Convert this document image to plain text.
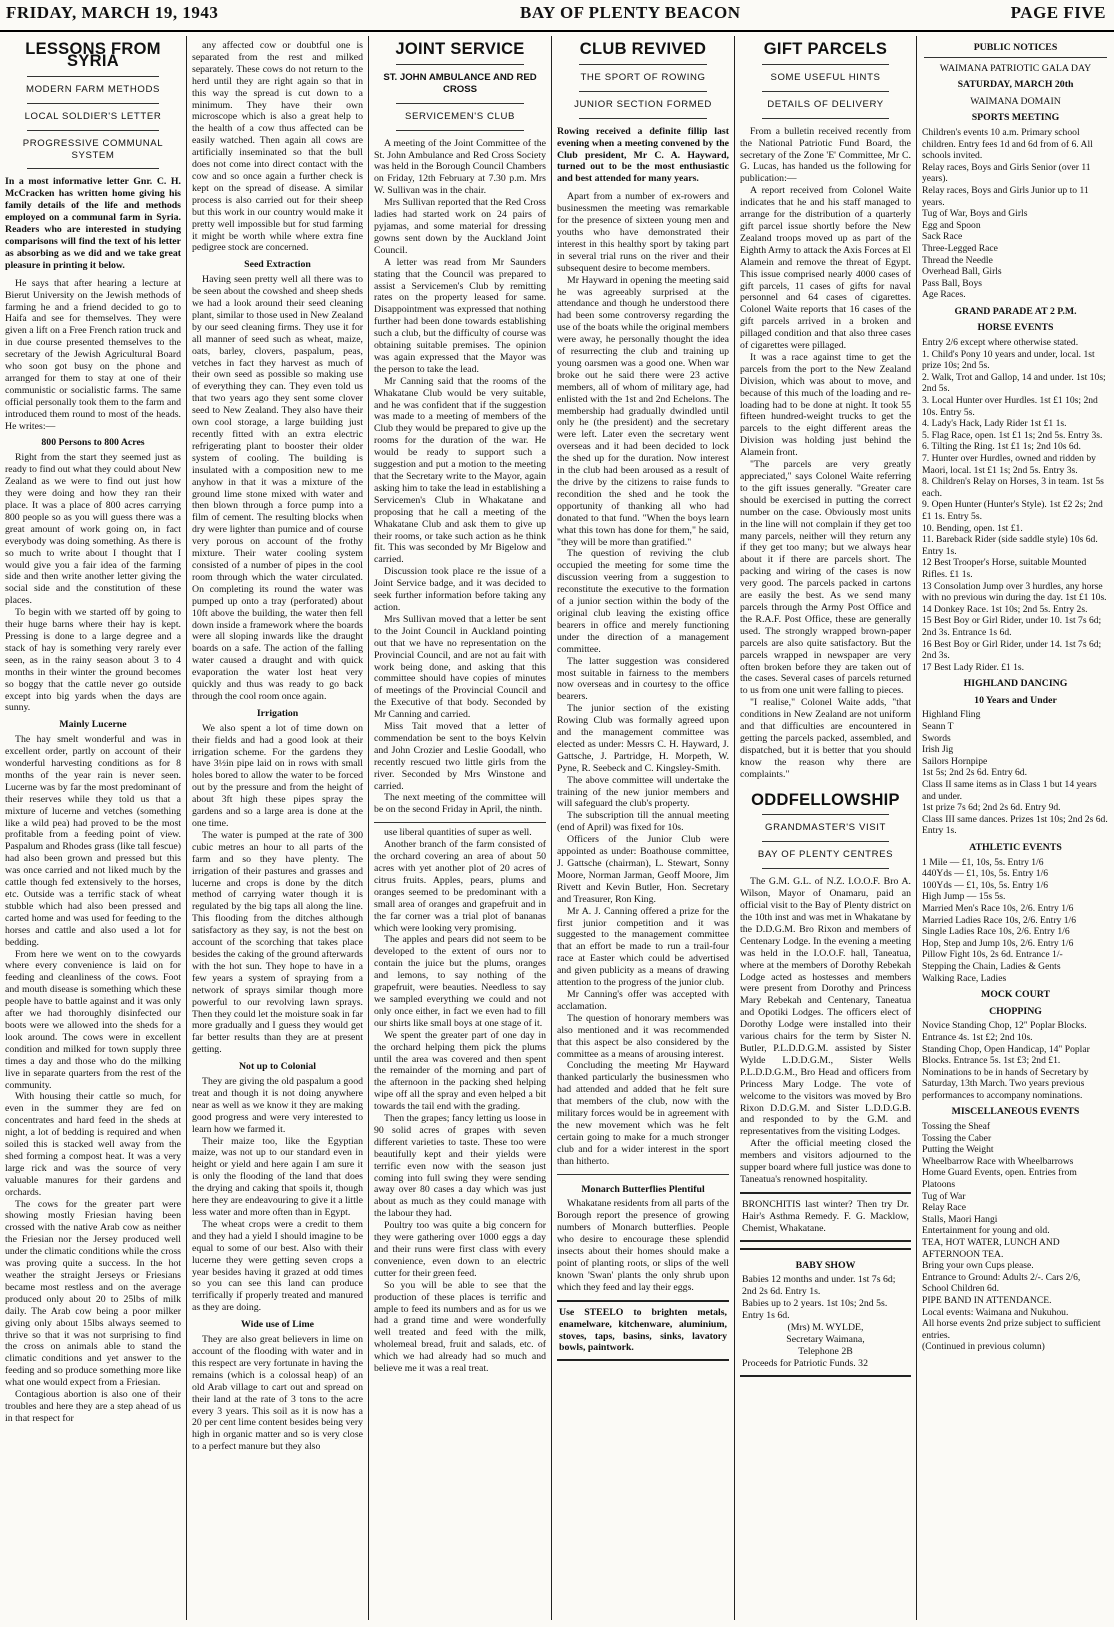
FRIDAY, MARCH 19, 1943	BAY OF PLENTY BEACON	PAGE FIVE
LESSONS FROM SYRIA
MODERN FARM METHODS
LOCAL SOLDIER'S LETTER
PROGRESSIVE COMMUNAL SYSTEM

In a most informative letter Gnr. C. H. McCracken has written home giving his family details of the life and methods employed on a communal farm in Syria. Readers who are interested in studying comparisons will find the text of his letter as absorbing as we did and we take great pleasure in printing it below.

He says that after hearing a lecture at Bierut University on the Jewish methods of farming he and a friend decided to go to Haifa and see for themselves. They were given a lift on a Free French ration truck and in due course presented themselves to the secretary of the Jewish Agricultural Board who soon got busy on the phone and arranged for them to stay at one of their communistic or socialistic farms. The same official personally took them to the farm and introduced them round to most of the heads. He writes:—

800 Persons to 800 Acres

Right from the start they seemed just as ready to find out what they could about New Zealand as we were to find out just how they were doing and how they ran their place. It was a place of 800 acres carrying 800 people so as you will guess there was a great amount of work going on, in fact everybody was doing something. As there is so much to write about I thought that I would give you a fair idea of the farming side and then write another letter giving the social side and the constitution of these places.

To begin with we started off by going to their huge barns where their hay is kept. Pressing is done to a large degree and a stack of hay is something very rarely ever seen, as in the rainy season about 3 to 4 months in their winter the ground becomes so boggy that the cattle never go outside except into big yards when the days are sunny.

Mainly Lucerne

The hay smelt wonderful and was in excellent order, partly on account of their wonderful harvesting conditions as for 8 months of the year rain is never seen. Lucerne was by far the most predominant of their reserves while they told us that a mixture of lucerne and vetches (something like a wild pea) had proved to be the most profitable from a feeding point of view. Paspalum and Rhodes grass (like tall fescue) had also been grown and pressed but this was once carried and not liked much by the cattle though fed extensively to the horses, etc. Outside was a terrific stack of wheat stubble which had also been pressed and carted home and was used for feeding to the horses and cattle and also used a lot for bedding.

From here we went on to the cowyards where every convenience is laid on for feeding and cleanliness of the cows. Foot and mouth disease is something which these people have to battle against and it was only after we had thoroughly disinfected our boots were we allowed into the sheds for a look around. The cows were in excellent condition and milked for town supply three times a day and those who do the milking live in separate quarters from the rest of the community.

With housing their cattle so much, for even in the summer they are fed on concentrates and hard feed in the sheds at night, a lot of bedding is required and when soiled this is stacked well away from the shed forming a compost heat. It was a very large rick and was the source of very valuable manures for their gardens and orchards.

The cows for the greater part were showing mostly Friesian having been crossed with the native Arab cow as neither the Friesian nor the Jersey produced well under the climatic conditions while the cross was proving quite a success. In the hot weather the straight Jerseys or Friesians became most restless and on the average produced only about 20 to 25lbs of milk daily. The Arab cow being a poor milker giving only about 15lbs always seemed to thrive so that it was not surprising to find the cross on animals able to stand the climatic conditions and yet answer to the feeding and so produce something more like what one would expect from a Friesian.

Contagious abortion is also one of their troubles and here they are a step ahead of us in that respect for

any affected cow or doubtful one is separated from the rest and milked separately. These cows do not return to the herd until they are right again so that in this way the spread is cut down to a minimum. They have their own microscope which is also a great help to the health of a cow thus affected can be easily watched. Then again all cows are artificially inseminated so that the bull does not come into direct contact with the cow and so once again a further check is kept on the spread of disease. A similar process is also carried out for their sheep but this work in our country would make it pretty well impossible but for stud farming it might be worth while where extra fine pedigree stock are concerned.

Seed Extraction

Having seen pretty well all there was to be seen about the cowshed and sheep sheds we had a look around their seed cleaning plant, similar to those used in New Zealand by our seed cleaning firms. They use it for all manner of seed such as wheat, maize, oats, barley, clovers, paspalum, peas, vetches in fact they harvest as much of their own seed as possible so making use of everything they can. They even told us that two years ago they sent some clover seed to New Zealand. They also have their own cool storage, a large building just recently fitted with an extra electric refrigerating plant to booster their older system of cooling. The building is insulated with a composition new to me anyhow in that it was a mixture of the ground lime stone mixed with water and then blown through a force pump into a film of cement. The resulting blocks when dry were lighter than pumice and of course very porous on account of the frothy mixture. Their water cooling system consisted of a number of pipes in the cool room through which the water circulated. On completing its round the water was pumped up onto a tray (perforated) about 10ft above the building, the water then fell down inside a framework where the boards were all sloping inwards like the draught boards on a safe. The action of the falling water caused a draught and with quick evaporation the water lost heat very quickly and thus was ready to go back through the cool room once again.

Irrigation

We also spent a lot of time down on their fields and had a good look at their irrigation scheme. For the gardens they have 3½in pipe laid on in rows with small holes bored to allow the water to be forced out by the pressure and from the height of about 3ft high these pipes spray the gardens and so a large area is done at the one time.

The water is pumped at the rate of 300 cubic metres an hour to all parts of the farm and so they have plenty. The irrigation of their pastures and grasses and lucerne and crops is done by the ditch method of carrying water though it is regulated by the big taps all along the line. This flooding from the ditches although satisfactory as they say, is not the best on account of the scorching that takes place besides the caking of the ground afterwards with the hot sun. They hope to have in a few years a system of spraying from a network of sprays similar though more powerful to our revolving lawn sprays. Then they could let the moisture soak in far more gradually and I guess they would get far better results than they are at present getting.

Not up to Colonial

They are giving the old paspalum a good treat and though it is not doing anywhere near as well as we know it they are making good progress and were very interested to learn how we farmed it.

Their maize too, like the Egyptian maize, was not up to our standard even in height or yield and here again I am sure it is only the flooding of the land that does the drying and caking that spoils it, though here they are endeavouring to give it a little less water and more often than in Egypt.

The wheat crops were a credit to them and they had a yield I should imagine to be equal to some of our best. Also with their lucerne they were getting seven crops a year besides having it grazed at odd times so you can see this land can produce terrifically if properly treated and manured as they are doing.

Wide use of Lime

They are also great believers in lime on account of the flooding with water and in this respect are very fortunate in having the remains (which is a colossal heap) of an old Arab village to cart out and spread on their land at the rate of 3 tons to the acre every 3 years. This soil as it is now has a 20 per cent lime content besides being very high in organic matter and so is very close to a perfect manure but they also

JOINT SERVICE
ST. JOHN AMBULANCE AND RED CROSS
SERVICEMEN'S CLUB

A meeting of the Joint Committee of the St. John Ambulance and Red Cross Society was held in the Borough Council Chambers on Friday, 12th February at 7.30 p.m. Mrs W. Sullivan was in the chair.

Mrs Sullivan reported that the Red Cross ladies had started work on 24 pairs of pyjamas, and some material for dressing gowns sent down by the Auckland Joint Council.

A letter was read from Mr Saunders stating that the Council was prepared to assist a Servicemen's Club by remitting rates on the property leased for same. Disappointment was expressed that nothing further had been done towards establishing such a club, but the difficulty of course was obtaining suitable premises. The opinion was again expressed that the Mayor was the person to take the lead.

Mr Canning said that the rooms of the Whakatane Club would be very suitable, and he was confident that if the suggestion was made to a meeting of members of the Club they would be prepared to give up the rooms for the duration of the war. He would be ready to support such a suggestion and put a motion to the meeting that the Secretary write to the Mayor, again asking him to take the lead in establishing a Servicemen's Club in Whakatane and proposing that he call a meeting of the Whakatane Club and ask them to give up their rooms, or take such action as he think fit. This was seconded by Mr Bigelow and carried.

Discussion took place re the issue of a Joint Service badge, and it was decided to seek further information before taking any action.

Mrs Sullivan moved that a letter be sent to the Joint Council in Auckland pointing out that we have no representation on the Provincial Council, and are not au fait with work being done, and asking that this committee should have copies of minutes of meetings of the Provincial Council and the Executive of that body. Seconded by Mr Canning and carried.

Miss Tait moved that a letter of commendation be sent to the boys Kelvin and John Crozier and Leslie Goodall, who recently rescued two little girls from the river. Seconded by Mrs Winstone and carried.

The next meeting of the committee will be on the second Friday in April, the ninth.

use liberal quantities of super as well.

Another branch of the farm consisted of the orchard covering an area of about 50 acres with yet another plot of 20 acres of citrus fruits. Apples, pears, plums and oranges seemed to be predominant with a small area of oranges and grapefruit and in the far corner was a trial plot of bananas which were looking very promising.

The apples and pears did not seem to be developed to the extent of ours nor to contain the juice but the plums, oranges and lemons, to say nothing of the grapefruit, were beauties. Needless to say we sampled everything we could and not only once either, in fact we even had to fill our shirts like small boys at one stage of it.

We spent the greater part of one day in the orchard helping them pick the plums until the area was covered and then spent the remainder of the morning and part of the afternoon in the packing shed helping wipe off all the spray and even helped a bit towards the tail end with the grading.

Then the grapes; fancy letting us loose in 90 solid acres of grapes with seven different varieties to taste. These too were beautifully kept and their yields were terrific even now with the season just coming into full swing they were sending away over 80 cases a day which was just about as much as they could manage with the labour they had.

Poultry too was quite a big concern for they were gathering over 1000 eggs a day and their runs were first class with every convenience, even down to an electric cutter for their green feed.

So you will be able to see that the production of these places is terrific and ample to feed its numbers and as for us we had a grand time and were wonderfully well treated and feed with the milk, wholemeal bread, fruit and salads, etc. of which we had already had so much and believe me it was a real treat.

CLUB REVIVED
THE SPORT OF ROWING
JUNIOR SECTION FORMED

Rowing received a definite fillip last evening when a meeting convened by the Club president, Mr C. A. Hayward, turned out to be the most enthusiastic and best attended for many years.

Apart from a number of ex-rowers and businessmen the meeting was remarkable for the presence of sixteen young men and youths who have demonstrated their interest in this healthy sport by taking part in several trial runs on the river and their subsequent desire to become members.

Mr Hayward in opening the meeting said he was agreeably surprised at the attendance and though he understood there had been some controversy regarding the use of the boats while the original members were away, he personally thought the idea of resurrecting the club and training up young oarsmen was a good one. When war broke out he said there were 23 active members, all of whom of military age, had enlisted with the 1st and 2nd Echelons. The membership had gradually dwindled until only he (the president) and the secretary were left. Later even the secretary went overseas and it had been decided to lock the shed up for the duration. Now interest in the club had been aroused as a result of the drive by the citizens to raise funds to recondition the shed and he took the opportunity of thanking all who had donated to that fund. "When the boys learn what this town has done for them," he said, "they will be more than gratified."

The question of reviving the club occupied the meeting for some time the discussion veering from a suggestion to reconstitute the executive to the formation of a junior section within the body of the original club leaving the existing office bearers in office and merely functioning under the direction of a management committee.

The latter suggestion was considered most suitable in fairness to the members now overseas and in courtesy to the office bearers.

The junior section of the existing Rowing Club was formally agreed upon and the management committee was elected as under: Messrs C. H. Hayward, J. Gattsche, J. Partridge, H. Morpeth, W. Pyne, R. Seebeck and C. Kingsley-Smith.

The above committee will undertake the training of the new junior members and will safeguard the club's property.

The subscription till the annual meeting (end of April) was fixed for 10s.

Officers of the Junior Club were appointed as under: Boathouse committee, J. Gattsche (chairman), L. Stewart, Sonny Moore, Norman Jarman, Geoff Moore, Jim Rivett and Kevin Butler, Hon. Secretary and Treasurer, Ron King.

Mr A. J. Canning offered a prize for the first junior competition and it was suggested to the management committee that an effort be made to run a trail-four race at Easter which could be advertised and given publicity as a means of drawing attention to the progress of the junior club.

Mr Canning's offer was accepted with acclamation.

The question of honorary members was also mentioned and it was recommended that this aspect be also considered by the committee as a means of arousing interest.

Concluding the meeting Mr Hayward thanked particularly the businessmen who had attended and added that he felt sure that members of the club, now with the military forces would be in agreement with the new movement which was he felt certain going to make for a much stronger club and for a wider interest in the sport than hitherto.

Monarch Butterflies Plentiful

Whakatane residents from all parts of the Borough report the presence of growing numbers of Monarch butterflies. People who desire to encourage these splendid insects about their homes should make a point of planting roots, or slips of the well known 'Swan' plants the only shrub upon which they feed and lay their eggs.

Use STEELO to brighten metals, enamelware, kitchenware, aluminium, stoves, taps, basins, sinks, lavatory bowls, paintwork.

GIFT PARCELS
SOME USEFUL HINTS
DETAILS OF DELIVERY

From a bulletin received recently from the National Patriotic Fund Board, the secretary of the Zone 'E' Committee, Mr C. G. Lucas, has handed us the following for publication:—

A report received from Colonel Waite indicates that he and his staff managed to arrange for the distribution of a quarterly gift parcel issue shortly before the New Zealand troops moved up as part of the Eighth Army to attack the Axis Forces at El Alamein and remove the threat of Egypt. This issue comprised nearly 4000 cases of gift parcels, 11 cases of gifts for naval personnel and 64 cases of cigarettes. Colonel Waite reports that 16 cases of the gift parcels arrived in a broken and pillaged condition and that also three cases of cigarettes were pillaged.

It was a race against time to get the parcels from the port to the New Zealand Division, which was about to move, and because of this much of the loading and re-loading had to be done at night. It took 55 fifteen hundred-weight trucks to get the parcels to the eight different areas the Division was holding just behind the Alamein front.

"The parcels are very greatly appreciated," says Colonel Waite referring to the gift issues generally. "Greater care should be exercised in putting the correct number on the case. Obviously most units in the line will not complain if they get too many parcels, neither will they return any if they get too many; but we always hear about it if there are parcels short. The packing and wiring of the cases is now very good. The parcels packed in cartons are easily the best. As we send many parcels through the Army Post Office and the R.A.F. Post Office, these are generally used. The strongly wrapped brown-paper parcels are also quite satisfactory. But the parcels wrapped in newspaper are very often broken before they are taken out of the cases. Several cases of parcels returned to us from one unit were falling to pieces.

"I realise," Colonel Waite adds, "that conditions in New Zealand are not uniform and that difficulties are encountered in getting the parcels packed, assembled, and dispatched, but it is better that you should know the reason why there are complaints."

ODDFELLOWSHIP
GRANDMASTER'S VISIT
BAY OF PLENTY CENTRES

The G.M. G.L. of N.Z. I.O.O.F. Bro A. Wilson, Mayor of Onamaru, paid an official visit to the Bay of Plenty district on the 10th inst and was met in Whakatane by the D.D.G.M. Bro Rixon and members of Centenary Lodge. In the evening a meeting was held in the I.O.O.F. hall, Taneatua, where at the members of Dorothy Rebekah Lodge acted as hostesses and members were present from Dorothy and Princess Mary Rebekah and Centenary, Taneatua and Opotiki Lodges. The officers elect of Dorothy Lodge were installed into their various chairs for the term by Sister N. Butler, P.L.D.D.G.M. assisted by Sister Wylde L.D.D.G.M., Sister Wells P.L.D.D.G.M., Bro Head and officers from Princess Mary Lodge. The vote of welcome to the visitors was moved by Bro Rixon D.D.G.M. and Sister L.D.D.G.B. and responded to by the G.M. and representatives from the visiting Lodges.

After the official meeting closed the members and visitors adjourned to the supper board where full justice was done to Taneatua's renowned hospitality.

BRONCHITIS last winter? Then try Dr. Hair's Asthma Remedy. F. G. Macklow, Chemist, Whakatane.

BABY SHOW

Babies 12 months and under. 1st 7s 6d; 2nd 2s 6d. Entry 1s.

Babies up to 2 years. 1st 10s; 2nd 5s. Entry 1s 6d.

(Mrs) M. WYLDE,

Secretary Waimana,

Telephone 2B

Proceeds for Patriotic Funds. 32

PUBLIC NOTICES
WAIMANA PATRIOTIC GALA DAY
SATURDAY, MARCH 20th
WAIMANA DOMAIN
SPORTS MEETING

Children's events 10 a.m. Primary school children. Entry fees 1d and 6d from of 6. All schools invited.

Relay races, Boys and Girls Senior (over 11 years).

Relay races, Boys and Girls Junior up to 11 years.

Tug of War, Boys and Girls

Egg and Spoon

Sack Race

Three-Legged Race

Thread the Needle

Overhead Ball, Girls

Pass Ball, Boys

Age Races.

GRAND PARADE AT 2 P.M.
HORSE EVENTS

Entry 2/6 except where otherwise stated.

1. Child's Pony 10 years and under, local. 1st prize 10s; 2nd 5s.

2. Walk, Trot and Gallop, 14 and under. 1st 10s; 2nd 5s.

3. Local Hunter over Hurdles. 1st £1 10s; 2nd 10s. Entry 5s.

4. Lady's Hack, Lady Rider 1st £1 1s.

5. Flag Race, open. 1st £1 1s; 2nd 5s. Entry 3s.

6. Tilting the Ring. 1st £1 1s; 2nd 10s 6d.

7. Hunter over Hurdles, owned and ridden by Maori, local. 1st £1 1s; 2nd 5s. Entry 3s.

8. Children's Relay on Horses, 3 in team. 1st 5s each.

9. Open Hunter (Hunter's Style). 1st £2 2s; 2nd £1 1s. Entry 5s.

10. Bending, open. 1st £1.

11. Bareback Rider (side saddle style) 10s 6d. Entry 1s.

12 Best Trooper's Horse, suitable Mounted Rifles. £1 1s.

13 Consolation Jump over 3 hurdles, any horse with no previous win during the day. 1st £1 10s.

14 Donkey Race. 1st 10s; 2nd 5s. Entry 2s.

15 Best Boy or Girl Rider, under 10. 1st 7s 6d; 2nd 3s. Entrance 1s 6d.

16 Best Boy or Girl Rider, under 14. 1st 7s 6d; 2nd 3s.

17 Best Lady Rider. £1 1s.

HIGHLAND DANCING
10 Years and Under

Highland Fling

Seann T

Swords

Irish Jig

Sailors Hornpipe

1st 5s; 2nd 2s 6d. Entry 6d.

Class II same items as in Class 1 but 14 years and under.

1st prize 7s 6d; 2nd 2s 6d. Entry 9d.

Class III same dances. Prizes 1st 10s; 2nd 2s 6d. Entry 1s.

ATHLETIC EVENTS

1 Mile — £1, 10s, 5s. Entry 1/6

440Yds — £1, 10s, 5s. Entry 1/6

100Yds — £1, 10s, 5s. Entry 1/6

High Jump — 15s 5s.

Married Men's Race 10s, 2/6. Entry 1/6

Married Ladies Race 10s, 2/6. Entry 1/6

Single Ladies Race 10s, 2/6. Entry 1/6

Hop, Step and Jump 10s, 2/6. Entry 1/6

Pillow Fight 10s, 2s 6d. Entrance 1/-

Stepping the Chain, Ladies & Gents

Walking Race, Ladies

MOCK COURT
CHOPPING

Novice Standing Chop, 12" Poplar Blocks. Entrance 4s. 1st £2; 2nd 10s.

Standing Chop, Open Handicap, 14" Poplar Blocks. Entrance 5s. 1st £3; 2nd £1.

Nominations to be in hands of Secretary by Saturday, 13th March. Two years previous performances to accompany nominations.

MISCELLANEOUS EVENTS

Tossing the Sheaf

Tossing the Caber

Putting the Weight

Wheelbarrow Race with Wheelbarrows

Home Guard Events, open. Entries from Platoons

Tug of War

Relay Race

Stalls, Maori Hangi

Entertainment for young and old.

TEA, HOT WATER, LUNCH AND AFTERNOON TEA.

Bring your own Cups please.

Entrance to Ground: Adults 2/-. Cars 2/6, School Children 6d.

PIPE BAND IN ATTENDANCE.

Local events: Waimana and Nukuhou.

All horse events 2nd prize subject to sufficient entries.

(Continued in previous column)
